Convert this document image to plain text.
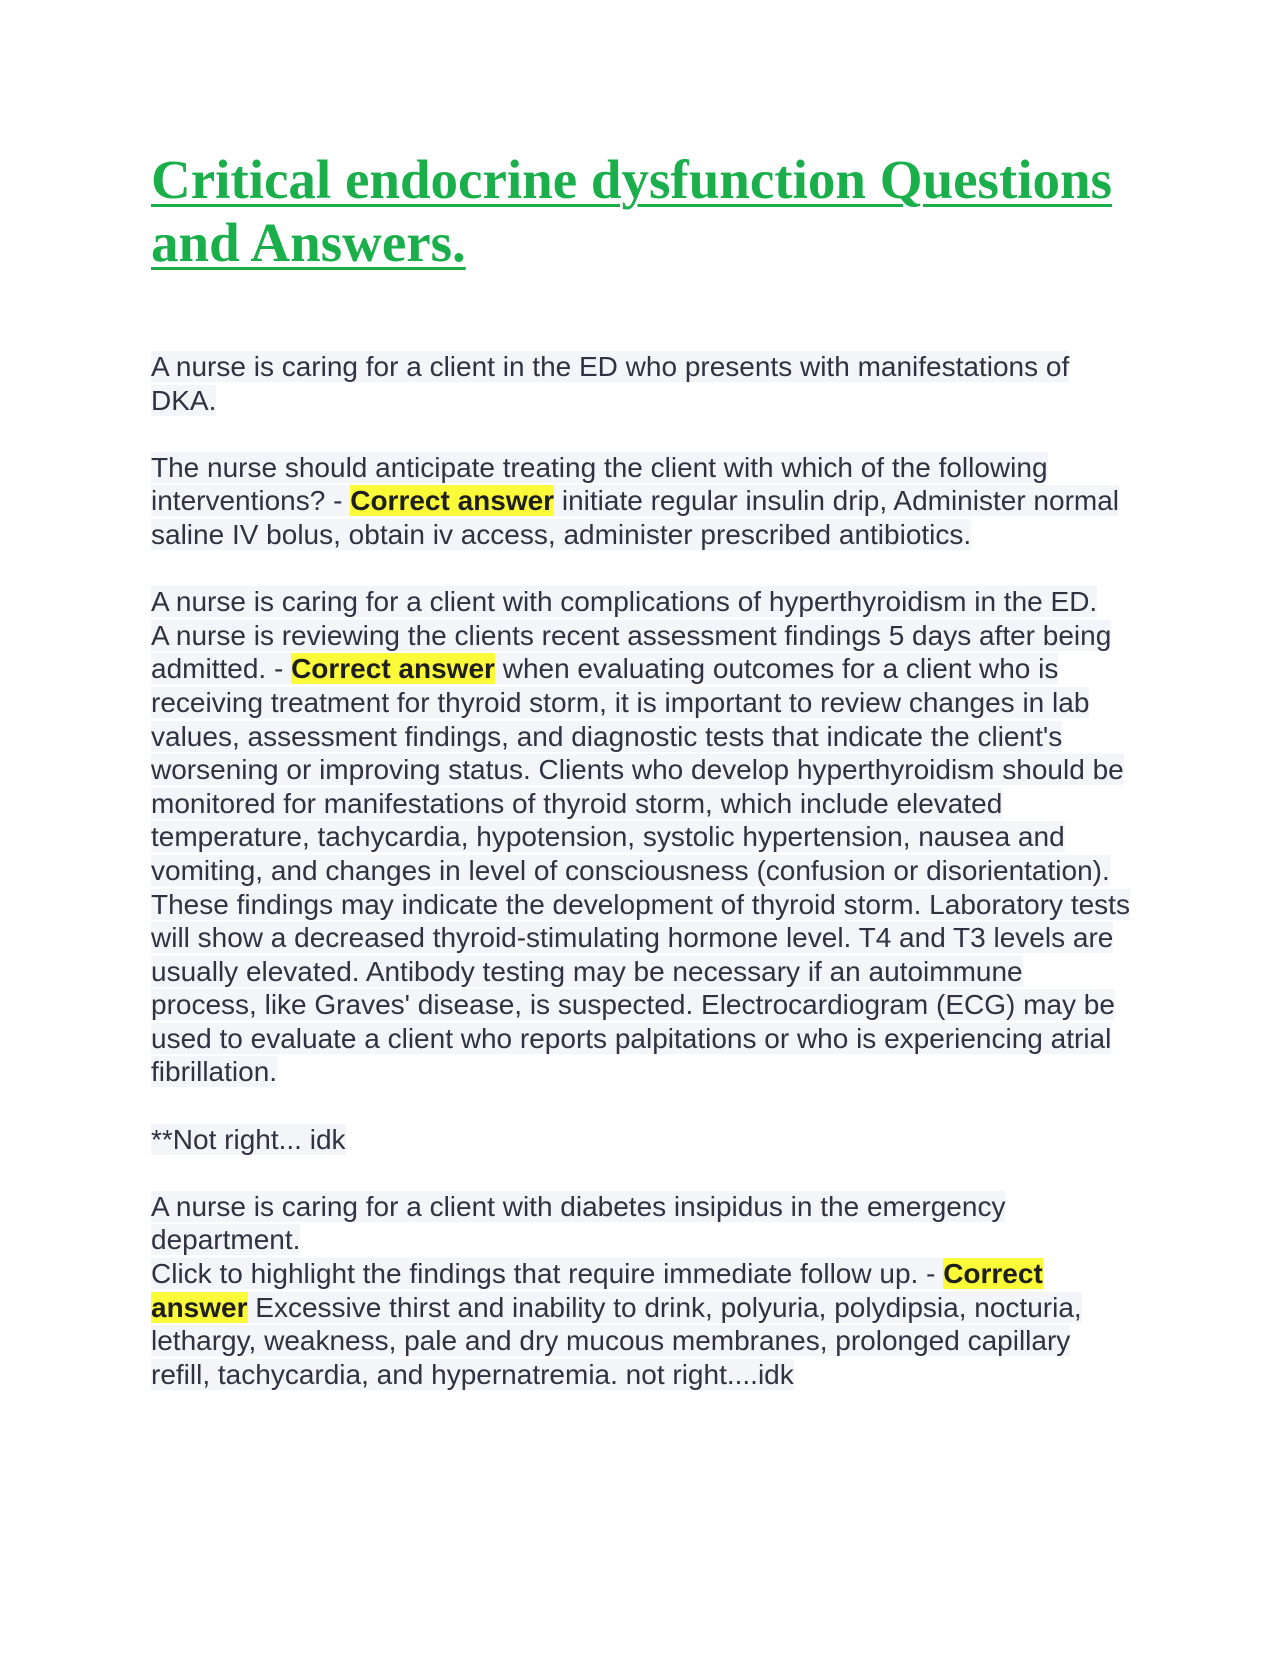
Critical endocrine dysfunction Questions
and Answers.

A nurse is caring for a client in the ED who presents with manifestations of DKA.

The nurse should anticipate treating the client with which of the following interventions? - Correct answer initiate regular insulin drip, Administer normal saline IV bolus, obtain iv access, administer prescribed antibiotics.

A nurse is caring for a client with complications of hyperthyroidism in the ED.

A nurse is reviewing the clients recent assessment findings 5 days after being admitted. - Correct answer when evaluating outcomes for a client who is receiving treatment for thyroid storm, it is important to review changes in lab values, assessment findings, and diagnostic tests that indicate the client's worsening or improving status. Clients who develop hyperthyroidism should be monitored for manifestations of thyroid storm, which include elevated temperature, tachycardia, hypotension, systolic hypertension, nausea and vomiting, and changes in level of consciousness (confusion or disorientation). These findings may indicate the development of thyroid storm. Laboratory tests will show a decreased thyroid-stimulating hormone level. T4 and T3 levels are usually elevated. Antibody testing may be necessary if an autoimmune process, like Graves' disease, is suspected. Electrocardiogram (ECG) may be used to evaluate a client who reports palpitations or who is experiencing atrial fibrillation.

**Not right... idk

A nurse is caring for a client with diabetes insipidus in the emergency department.

Click to highlight the findings that require immediate follow up. - Correct answer Excessive thirst and inability to drink, polyuria, polydipsia, nocturia, lethargy, weakness, pale and dry mucous membranes, prolonged capillary refill, tachycardia, and hypernatremia. not right....idk
